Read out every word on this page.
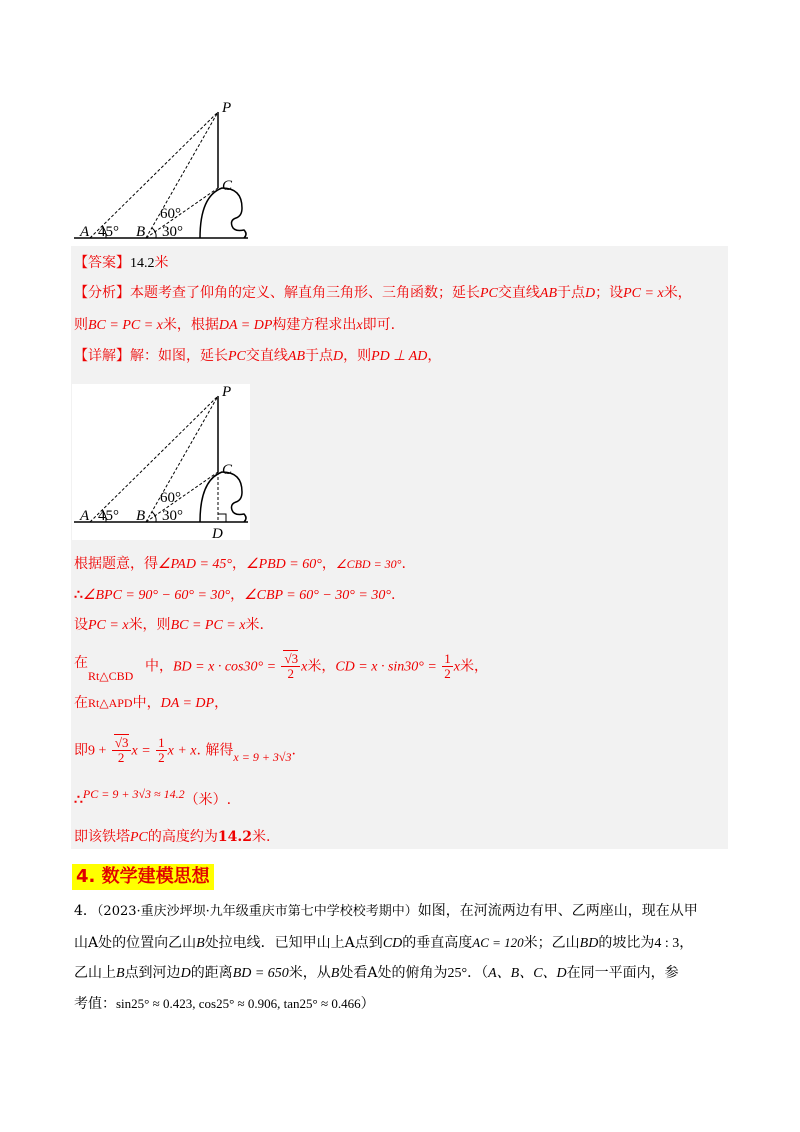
P
C
A	B
45°
60°
30°
【答案】14.2米
【分析】本题考查了仰角的定义、解直角三角形、三角函数；延长PC交直线AB于点D；设PC = x米，
则BC = PC = x米，根据DA = DP构建方程求出x即可.
【详解】解：如图，延长PC交直线AB于点D，则PD ⊥ AD，
P
C
A	B
D
45°
60°
30°
根据题意，得∠PAD = 45°，∠PBD = 60°，∠CBD = 30°.
∴∠BPC = 90° − 60° = 30°，∠CBP = 60° − 30° = 30°.
设PC = x米，则BC = PC = x米.
在
Rt△CBD
中，BD = $x \cdot \cos 30^\circ = \frac{√3}{2}$ x米，CD = $x \cdot \sin 30^\circ = \frac{1}{2}$ x米，
在Rt△APD中，DA = DP，
即$9 + \frac{√3}{2}$ $x = \frac{1}{2}$ x + x. 解得x = 9 + 3√3.
∴PC = 9 + 3√3 ≈ 14.2（米）.
即该铁塔PC的高度约为14.2米.
4. 数学建模思想
4．（2023·重庆沙坪坝·九年级重庆市第七中学校校考期中）如图，在河流两边有甲、乙两座山，现在从甲
山A处的位置向乙山B处拉电线．已知甲山上A点到CD的垂直高度AC = 120米；乙山BD的坡比为4 : 3，
乙山上B点到河边D的距离BD = 650米，从B处看A处的俯角为25°．（A、B、C、D在同一平面内，参
考值：sin25° ≈ 0.423, cos25° ≈ 0.906, tan25° ≈ 0.466）
